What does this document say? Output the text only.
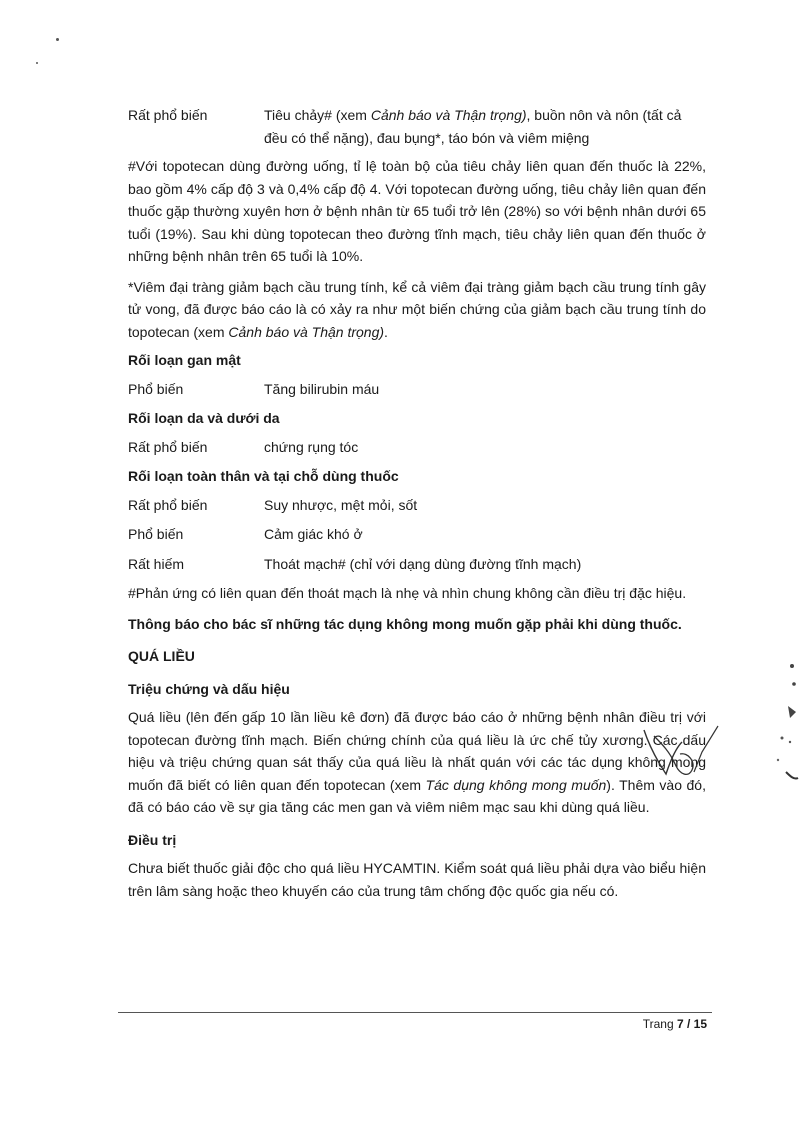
Rất phổ biến	Tiêu chảy# (xem Cảnh báo và Thận trọng), buồn nôn và nôn (tất cả đều có thể nặng), đau bụng*, táo bón và viêm miệng

#Với topotecan dùng đường uống, tỉ lệ toàn bộ của tiêu chảy liên quan đến thuốc là 22%, bao gồm 4% cấp độ 3 và 0,4% cấp độ 4. Với topotecan đường uống, tiêu chảy liên quan đến thuốc gặp thường xuyên hơn ở bệnh nhân từ 65 tuổi trở lên (28%) so với bệnh nhân dưới 65 tuổi (19%). Sau khi dùng topotecan theo đường tĩnh mạch, tiêu chảy liên quan đến thuốc ở những bệnh nhân trên 65 tuổi là 10%.

*Viêm đại tràng giảm bạch cầu trung tính, kể cả viêm đại tràng giảm bạch cầu trung tính gây tử vong, đã được báo cáo là có xảy ra như một biến chứng của giảm bạch cầu trung tính do topotecan (xem Cảnh báo và Thận trọng).

Rối loạn gan mật
Phổ biến	Tăng bilirubin máu
Rối loạn da và dưới da
Rất phổ biến	chứng rụng tóc
Rối loạn toàn thân và tại chỗ dùng thuốc
Rất phổ biến	Suy nhược, mệt mỏi, sốt
Phổ biến	Cảm giác khó ở
Rất hiếm	Thoát mạch# (chỉ với dạng dùng đường tĩnh mạch)

#Phản ứng có liên quan đến thoát mạch là nhẹ và nhìn chung không cần điều trị đặc hiệu.

Thông báo cho bác sĩ những tác dụng không mong muốn gặp phải khi dùng thuốc.

QUÁ LIỀU
Triệu chứng và dấu hiệu

Quá liều (lên đến gấp 10 lần liều kê đơn) đã được báo cáo ở những bệnh nhân điều trị với topotecan đường tĩnh mạch. Biến chứng chính của quá liều là ức chế tủy xương. Các dấu hiệu và triệu chứng quan sát thấy của quá liều là nhất quán với các tác dụng không mong muốn đã biết có liên quan đến topotecan (xem Tác dụng không mong muốn). Thêm vào đó, đã có báo cáo về sự gia tăng các men gan và viêm niêm mạc sau khi dùng quá liều.

Điều trị

Chưa biết thuốc giải độc cho quá liều HYCAMTIN. Kiểm soát quá liều phải dựa vào biểu hiện trên lâm sàng hoặc theo khuyến cáo của trung tâm chống độc quốc gia nếu có.

Trang 7 / 15
